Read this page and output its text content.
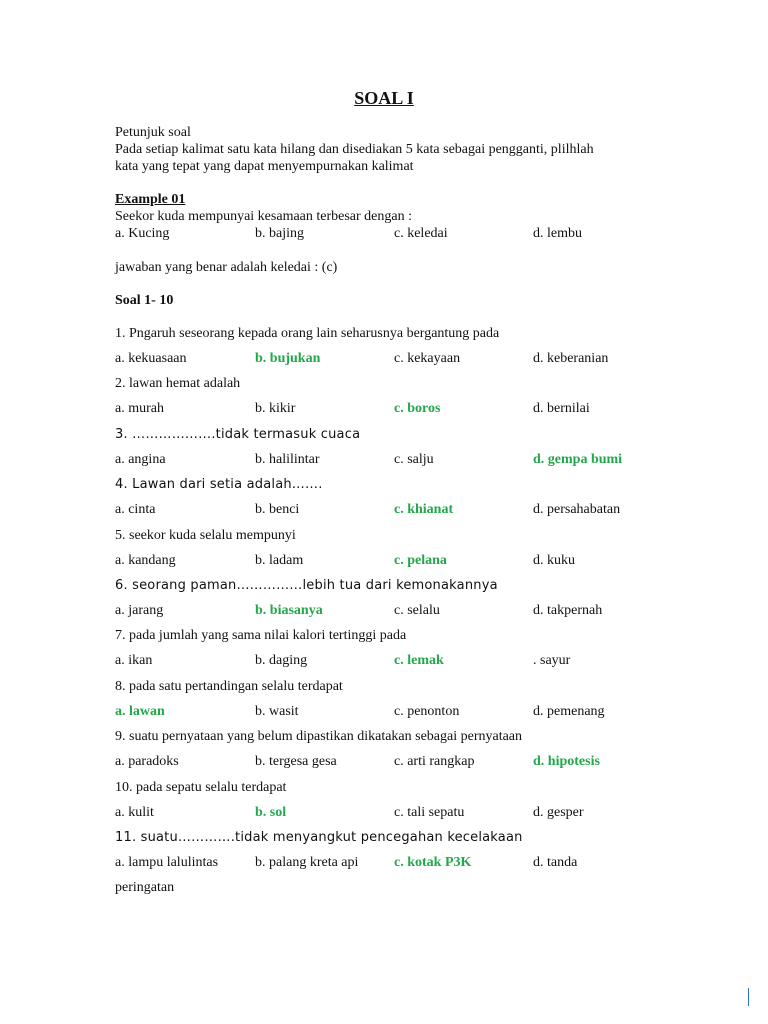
SOAL I
Petunjuk soal
Pada setiap kalimat satu kata hilang dan disediakan 5 kata sebagai pengganti, plilhlah
kata yang tepat yang dapat menyempurnakan kalimat
Example 01
Seekor kuda mempunyai kesamaan terbesar dengan :
a. Kucing	b. bajing	c. keledai	d. lembu
jawaban yang benar adalah keledai : (c)
Soal 1- 10
1. Pngaruh seseorang kepada orang lain seharusnya bergantung pada
a. kekuasaan	b. bujukan	c. kekayaan	d. keberanian
2. lawan hemat adalah
a. murah	b. kikir	c. boros	d. bernilai
3. ……………….tidak termasuk cuaca
a. angina	b. halilintar	c. salju	d. gempa bumi
4. Lawan dari setia adalah…….
a. cinta	b. benci	c. khianat	d. persahabatan
5. seekor kuda selalu mempunyi
a. kandang	b. ladam	c. pelana	d. kuku
6. seorang paman……………lebih tua dari kemonakannya
a. jarang	b. biasanya	c. selalu	d. takpernah
7. pada jumlah yang sama nilai kalori tertinggi pada
a. ikan	b. daging	c. lemak	. sayur
8. pada satu pertandingan selalu terdapat
a. lawan	b. wasit	c. penonton	d. pemenang
9. suatu pernyataan yang belum dipastikan dikatakan sebagai pernyataan
a. paradoks	b. tergesa gesa	c. arti rangkap	d. hipotesis
10. pada sepatu selalu terdapat
a. kulit	b. sol	c. tali sepatu	d. gesper
11. suatu………….tidak menyangkut pencegahan kecelakaan
a. lampu lalulintas	b. palang kreta api	c. kotak P3K	d. tanda
peringatan
